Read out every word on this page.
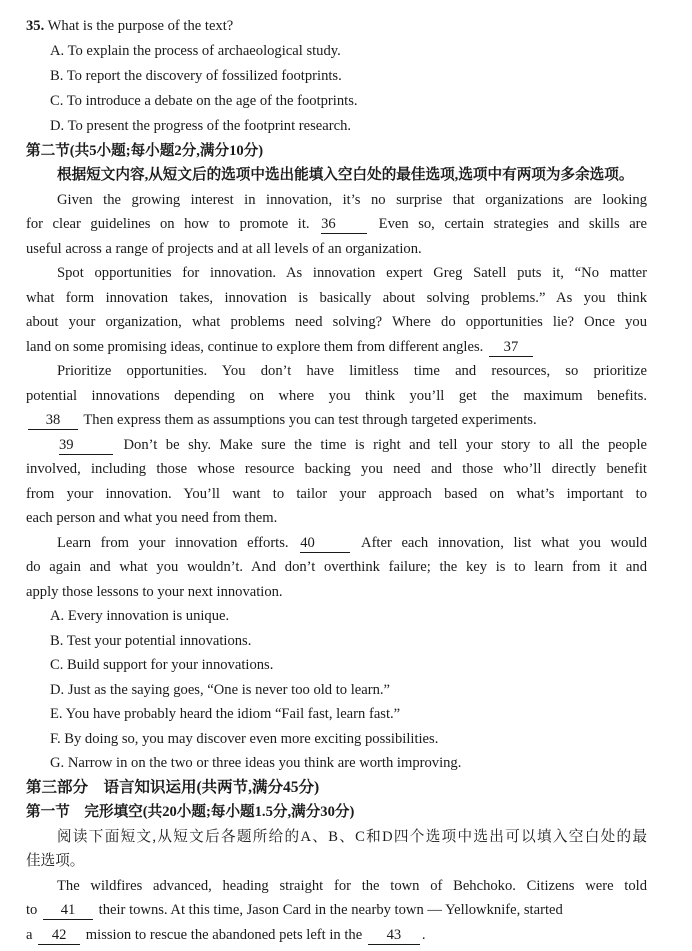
35. What is the purpose of the text?
A. To explain the process of archaeological study.
B. To report the discovery of fossilized footprints.
C. To introduce a debate on the age of the footprints.
D. To present the progress of the footprint research.
第二节(共5小题;每小题2分,满分10分)
根据短文内容,从短文后的选项中选出能填入空白处的最佳选项,选项中有两项为多余选项。
Given the growing interest in innovation, it’s no surprise that organizations are looking
for clear guidelines on how to promote it. 36	Even so, certain strategies and skills are
useful across a range of projects and at all levels of an organization.
Spot opportunities for innovation. As innovation expert Greg Satell puts it, “No matter
what form innovation takes, innovation is basically about solving problems.” As you think
about your organization, what problems need solving? Where do opportunities lie? Once you
land on some promising ideas, continue to explore them from different angles. 37
Prioritize opportunities. You don’t have limitless time and resources, so prioritize
potential innovations depending on where you think you’ll get the maximum benefits.
38 Then express them as assumptions you can test through targeted experiments.
39	Don’t be shy. Make sure the time is right and tell your story to all the people
involved, including those whose resource backing you need and those who’ll directly benefit
from your innovation. You’ll want to tailor your approach based on what’s important to
each person and what you need from them.
Learn from your innovation efforts. 40	After each innovation, list what you would
do again and what you wouldn’t. And don’t overthink failure; the key is to learn from it and
apply those lessons to your next innovation.
A. Every innovation is unique.
B. Test your potential innovations.
C. Build support for your innovations.
D. Just as the saying goes, “One is never too old to learn.”
E. You have probably heard the idiom “Fail fast, learn fast.”
F. By doing so, you may discover even more exciting possibilities.
G. Narrow in on the two or three ideas you think are worth improving.
第三部分　语言知识运用(共两节,满分45分)
第一节　完形填空(共20小题;每小题1.5分,满分30分)
阅读下面短文,从短文后各题所给的A、B、C和D四个选项中选出可以填入空白处的最
佳选项。
The wildfires advanced, heading straight for the town of Behchoko. Citizens were told
to 41 their towns. At this time, Jason Card in the nearby town — Yellowknife, started
a 42 mission to rescue the abandoned pets left in the 43 .
